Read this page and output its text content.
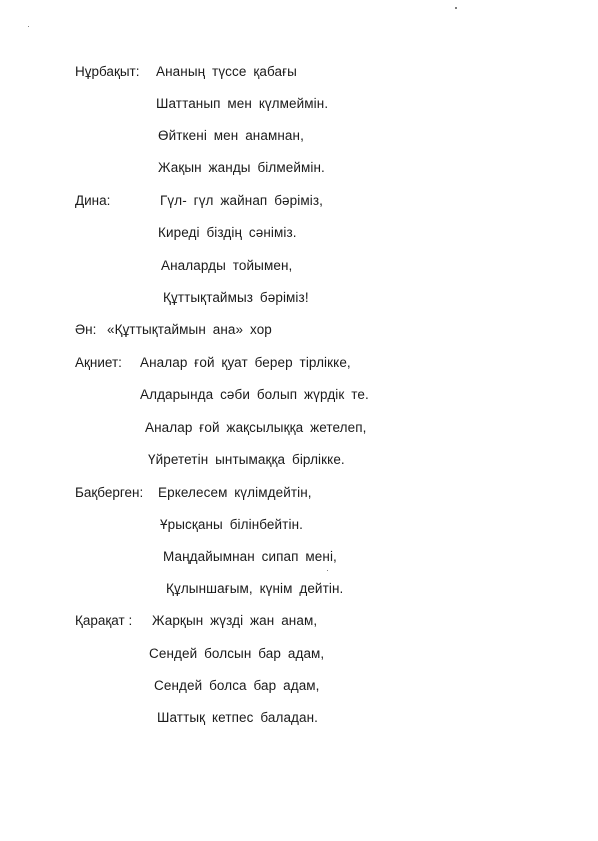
Нұрбақыт: Ананың түссе қабағы
Шаттанып мен күлмеймін.
Өйткені мен анамнан,
Жақын жанды білмеймін.
Дина:	Гүл- гүл жайнап бәріміз,
Киреді біздің сәніміз.
Аналарды тойымен,
Құттықтаймыз бәріміз!
Ән: «Құттықтаймын ана» хор
Ақниет: Аналар ғой қуат берер тірлікке,
Алдарында сәби болып жүрдік те.
Аналар ғой жақсылыққа жетелеп,
Үйрететін ынтымаққа бірлікке.
Бақберген: Еркелесем күлімдейтін,
Ұрысқаны білінбейтін.
Маңдайымнан сипап мені,
Құлыншағым, күнім дейтін.
Қарақат : Жарқын жүзді жан анам,
Сендей болсын бар адам,
Сендей болса бар адам,
Шаттық кетпес баладан.
